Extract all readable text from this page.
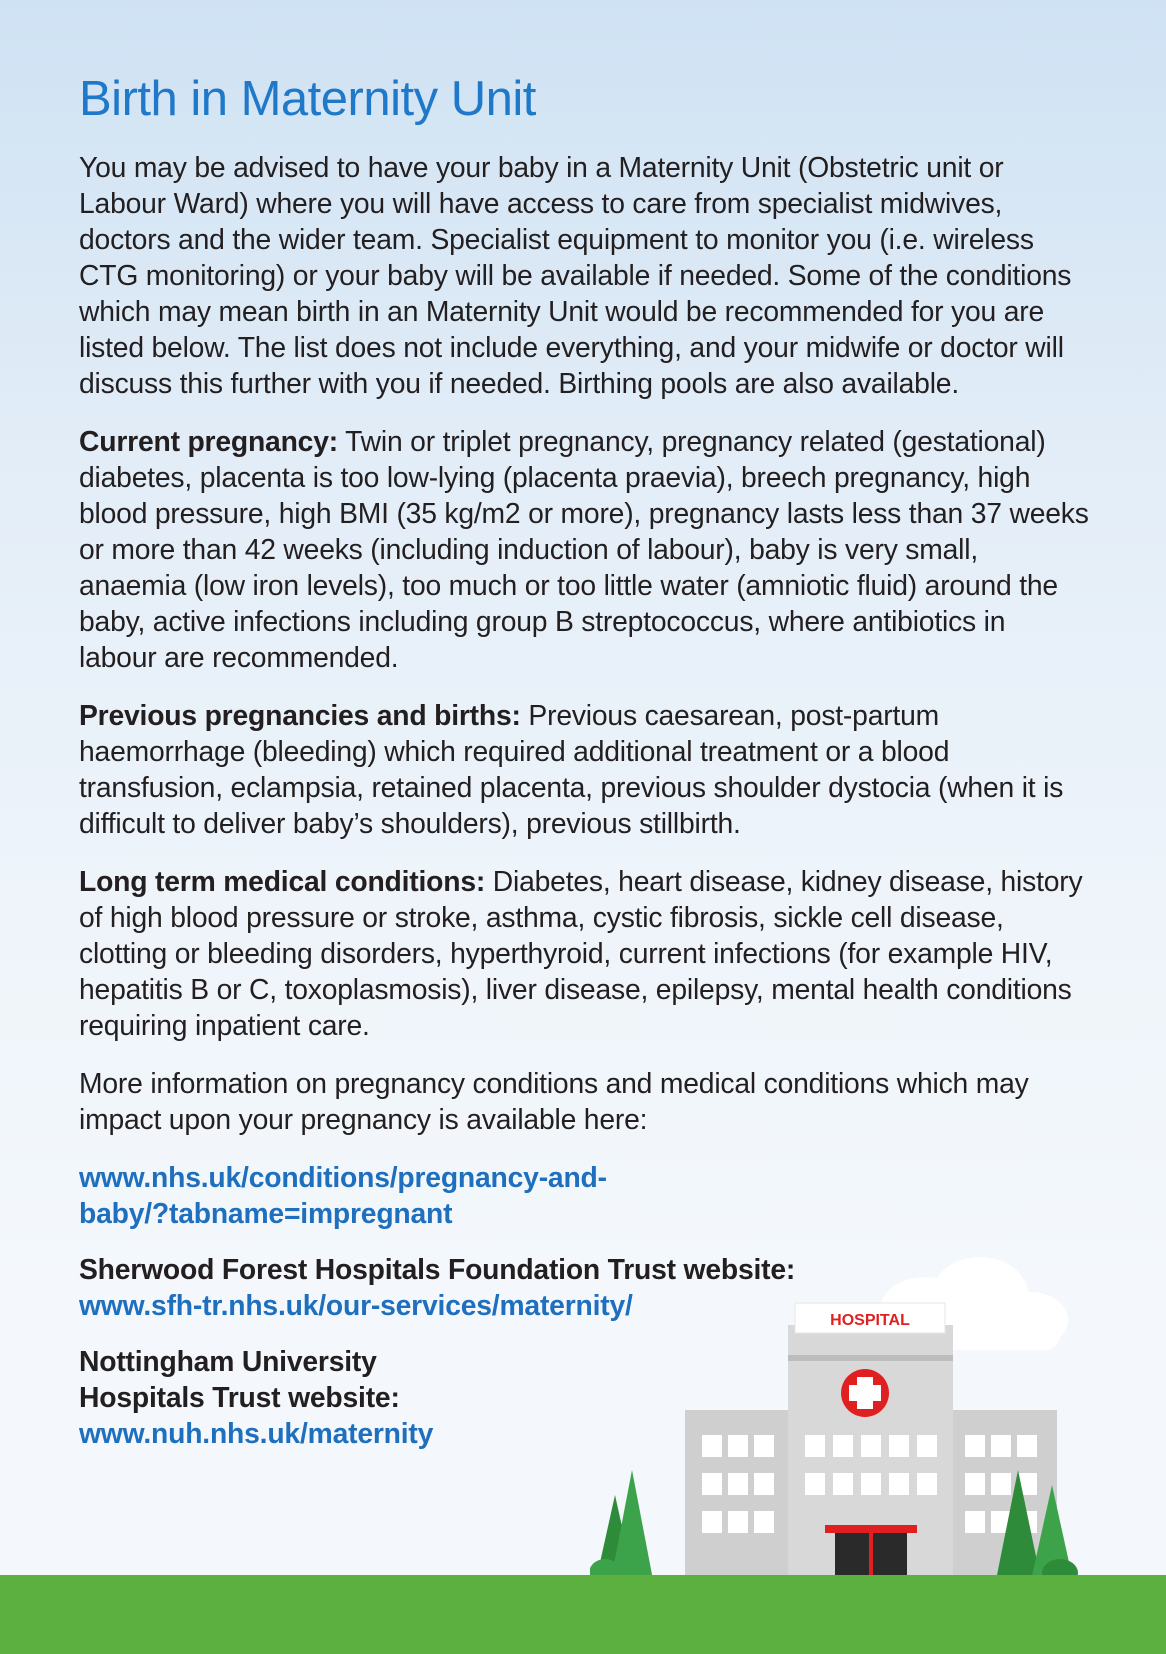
Birth in Maternity Unit

You may be advised to have your baby in a Maternity Unit (Obstetric unit or Labour Ward) where you will have access to care from specialist midwives, doctors and the wider team. Specialist equipment to monitor you (i.e. wireless CTG monitoring) or your baby will be available if needed. Some of the conditions which may mean birth in an Maternity Unit would be recommended for you are listed below. The list does not include everything, and your midwife or doctor will discuss this further with you if needed. Birthing pools are also available.

Current pregnancy: Twin or triplet pregnancy, pregnancy related (gestational) diabetes, placenta is too low-lying (placenta praevia), breech pregnancy, high blood pressure, high BMI (35 kg/m2 or more), pregnancy lasts less than 37 weeks or more than 42 weeks (including induction of labour), baby is very small, anaemia (low iron levels), too much or too little water (amniotic fluid) around the baby, active infections including group B streptococcus, where antibiotics in labour are recommended.

Previous pregnancies and births: Previous caesarean, post-partum haemorrhage (bleeding) which required additional treatment or a blood transfusion, eclampsia, retained placenta, previous shoulder dystocia (when it is difficult to deliver baby’s shoulders), previous stillbirth.

Long term medical conditions: Diabetes, heart disease, kidney disease, history of high blood pressure or stroke, asthma, cystic fibrosis, sickle cell disease, clotting or bleeding disorders, hyperthyroid, current infections (for example HIV, hepatitis B or C, toxoplasmosis), liver disease, epilepsy, mental health conditions requiring inpatient care.

More information on pregnancy conditions and medical conditions which may impact upon your pregnancy is available here:

www.nhs.uk/conditions/pregnancy-and-
baby/?tabname=impregnant
Sherwood Forest Hospitals Foundation Trust website:
www.sfh-tr.nhs.uk/our-services/maternity/
Nottingham University
Hospitals Trust website:
www.nuh.nhs.uk/maternity
HOSPITAL
